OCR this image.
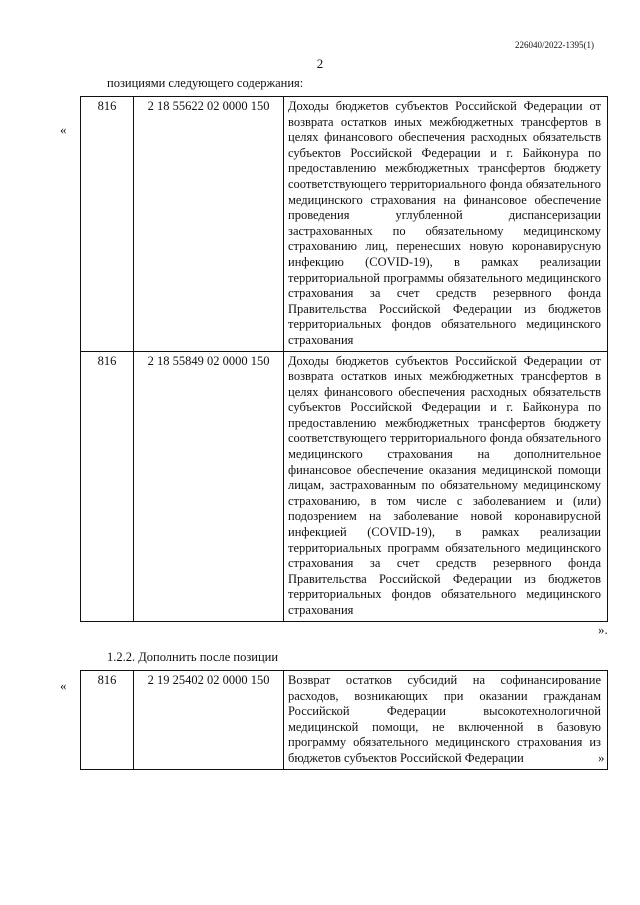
226040/2022-1395(1)
2
позициями следующего содержания:
«
816	2 18 55622 02 0000 150	Доходы бюджетов субъектов Российской Федерации от возврата остатков иных межбюджетных трансфертов в целях финансового обеспечения расходных обязательств субъектов Российской Федерации и г. Байконура по предоставлению межбюджетных трансфертов бюджету соответствующего территориального фонда обязательного медицинского страхования на финансовое обеспечение проведения углубленной диспансеризации застрахованных по обязательному медицинскому страхованию лиц, перенесших новую коронавирусную инфекцию (COVID-19), в рамках реализации территориальной программы обязательного медицинского страхования за счет средств резервного фонда Правительства Российской Федерации из бюджетов территориальных фондов обязательного медицинского страхования

816	2 18 55849 02 0000 150	Доходы бюджетов субъектов Российской Федерации от возврата остатков иных межбюджетных трансфертов в целях финансового обеспечения расходных обязательств субъектов Российской Федерации и г. Байконура по предоставлению межбюджетных трансфертов бюджету соответствующего территориального фонда обязательного медицинского страхования на дополнительное финансовое обеспечение оказания медицинской помощи лицам, застрахованным по обязательному медицинскому страхованию, в том числе с заболеванием и (или) подозрением на заболевание новой коронавирусной инфекцией (COVID-19), в рамках реализации территориальных программ обязательного медицинского страхования за счет средств резервного фонда Правительства Российской Федерации из бюджетов территориальных фондов обязательного медицинского страхования
».
1.2.2. Дополнить после позиции
« 816	2 19 25402 02 0000 150	Возврат остатков субсидий на софинансирование расходов, возникающих при оказании гражданам Российской Федерации высокотехнологичной медицинской помощи, не включенной в базовую программу обязательного медицинского страхования из бюджетов субъектов Российской Федерации	»
